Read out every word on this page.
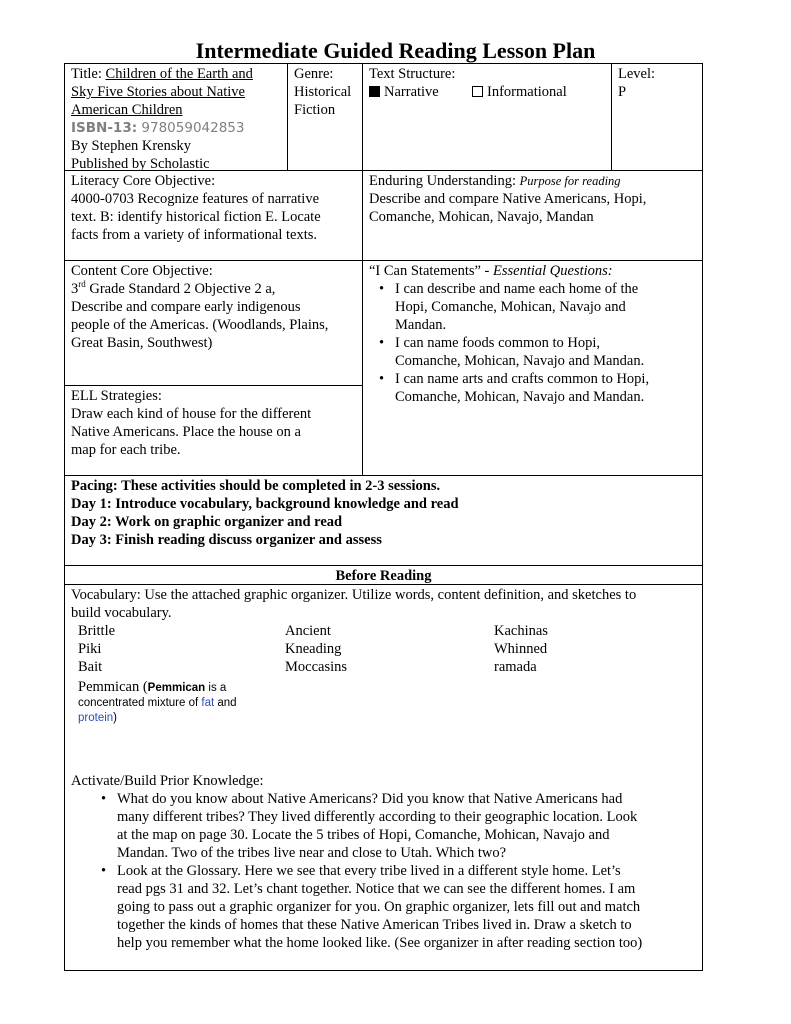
Intermediate Guided Reading Lesson Plan
Title: Children of the Earth and
Sky Five Stories about Native
American Children
ISBN-13: 978059042853
By Stephen Krensky
Published by Scholastic
Genre:
Historical
Fiction
Text Structure:
Narrative	Informational
Level:
P
Literacy Core Objective:
4000-0703 Recognize features of narrative
text. B: identify historical fiction E. Locate
facts from a variety of informational texts.
Enduring Understanding: Purpose for reading
Describe and compare Native Americans, Hopi,
Comanche, Mohican, Navajo, Mandan
Content Core Objective:
3rd Grade Standard 2 Objective 2 a,
Describe and compare early indigenous
people of the Americas. (Woodlands, Plains,
Great Basin, Southwest)
“I Can Statements” - Essential Questions:
• I can describe and name each home of the
Hopi, Comanche, Mohican, Navajo and
Mandan.
• I can name foods common to Hopi,
Comanche, Mohican, Navajo and Mandan.
• I can name arts and crafts common to Hopi,
Comanche, Mohican, Navajo and Mandan.
ELL Strategies:
Draw each kind of house for the different
Native Americans. Place the house on a
map for each tribe.
Pacing: These activities should be completed in 2-3 sessions.
Day 1: Introduce vocabulary, background knowledge and read
Day 2: Work on graphic organizer and read
Day 3: Finish reading discuss organizer and assess
Before Reading
Vocabulary: Use the attached graphic organizer. Utilize words, content definition, and sketches to
build vocabulary.
Brittle	Ancient	Kachinas
Piki	Kneading	Whinned
Bait	Moccasins	ramada
Pemmican (Pemmican is a
concentrated mixture of fat and
protein)
Activate/Build Prior Knowledge:
• What do you know about Native Americans? Did you know that Native Americans had
many different tribes? They lived differently according to their geographic location. Look
at the map on page 30. Locate the 5 tribes of Hopi, Comanche, Mohican, Navajo and
Mandan. Two of the tribes live near and close to Utah. Which two?
• Look at the Glossary. Here we see that every tribe lived in a different style home. Let’s
read pgs 31 and 32. Let’s chant together. Notice that we can see the different homes. I am
going to pass out a graphic organizer for you. On graphic organizer, lets fill out and match
together the kinds of homes that these Native American Tribes lived in. Draw a sketch to
help you remember what the home looked like. (See organizer in after reading section too)
